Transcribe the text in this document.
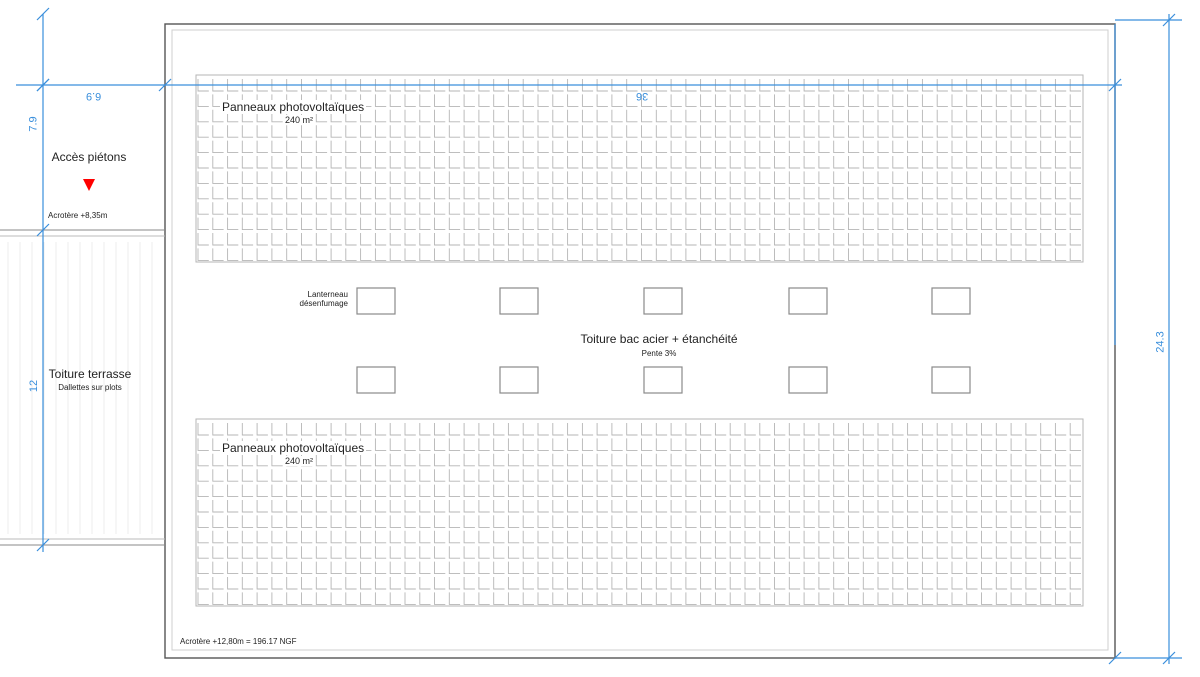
6.9
7.9
36
12
24.3
Accès piétons
Acrotère +8,35m
Toiture terrasse
Dallettes sur plots
Panneaux photovoltaïques
240 m²
Panneaux photovoltaïques
240 m²
Lanterneau
désenfumage
Toiture bac acier + étanchéité
Pente 3%
Acrotère +12,80m = 196.17 NGF
